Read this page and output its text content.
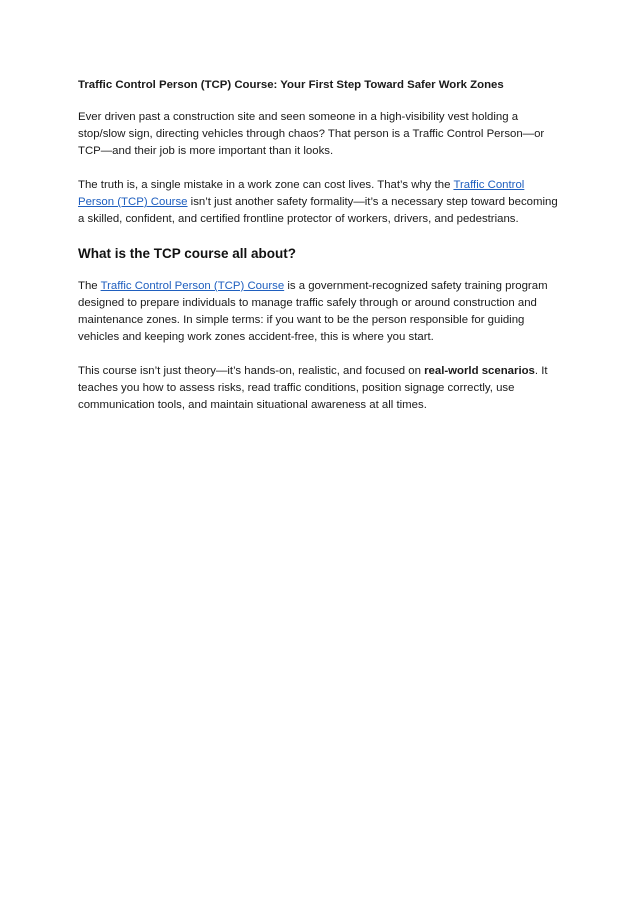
Traffic Control Person (TCP) Course: Your First Step Toward Safer Work Zones

Ever driven past a construction site and seen someone in a high-visibility vest holding a stop/slow sign, directing vehicles through chaos? That person is a Traffic Control Person—or TCP—and their job is more important than it looks.

The truth is, a single mistake in a work zone can cost lives. That’s why the Traffic Control Person (TCP) Course isn’t just another safety formality—it’s a necessary step toward becoming a skilled, confident, and certified frontline protector of workers, drivers, and pedestrians.

What is the TCP course all about?

The Traffic Control Person (TCP) Course is a government-recognized safety training program designed to prepare individuals to manage traffic safely through or around construction and maintenance zones. In simple terms: if you want to be the person responsible for guiding vehicles and keeping work zones accident-free, this is where you start.

This course isn’t just theory—it’s hands-on, realistic, and focused on real-world scenarios. It teaches you how to assess risks, read traffic conditions, position signage correctly, use communication tools, and maintain situational awareness at all times.
